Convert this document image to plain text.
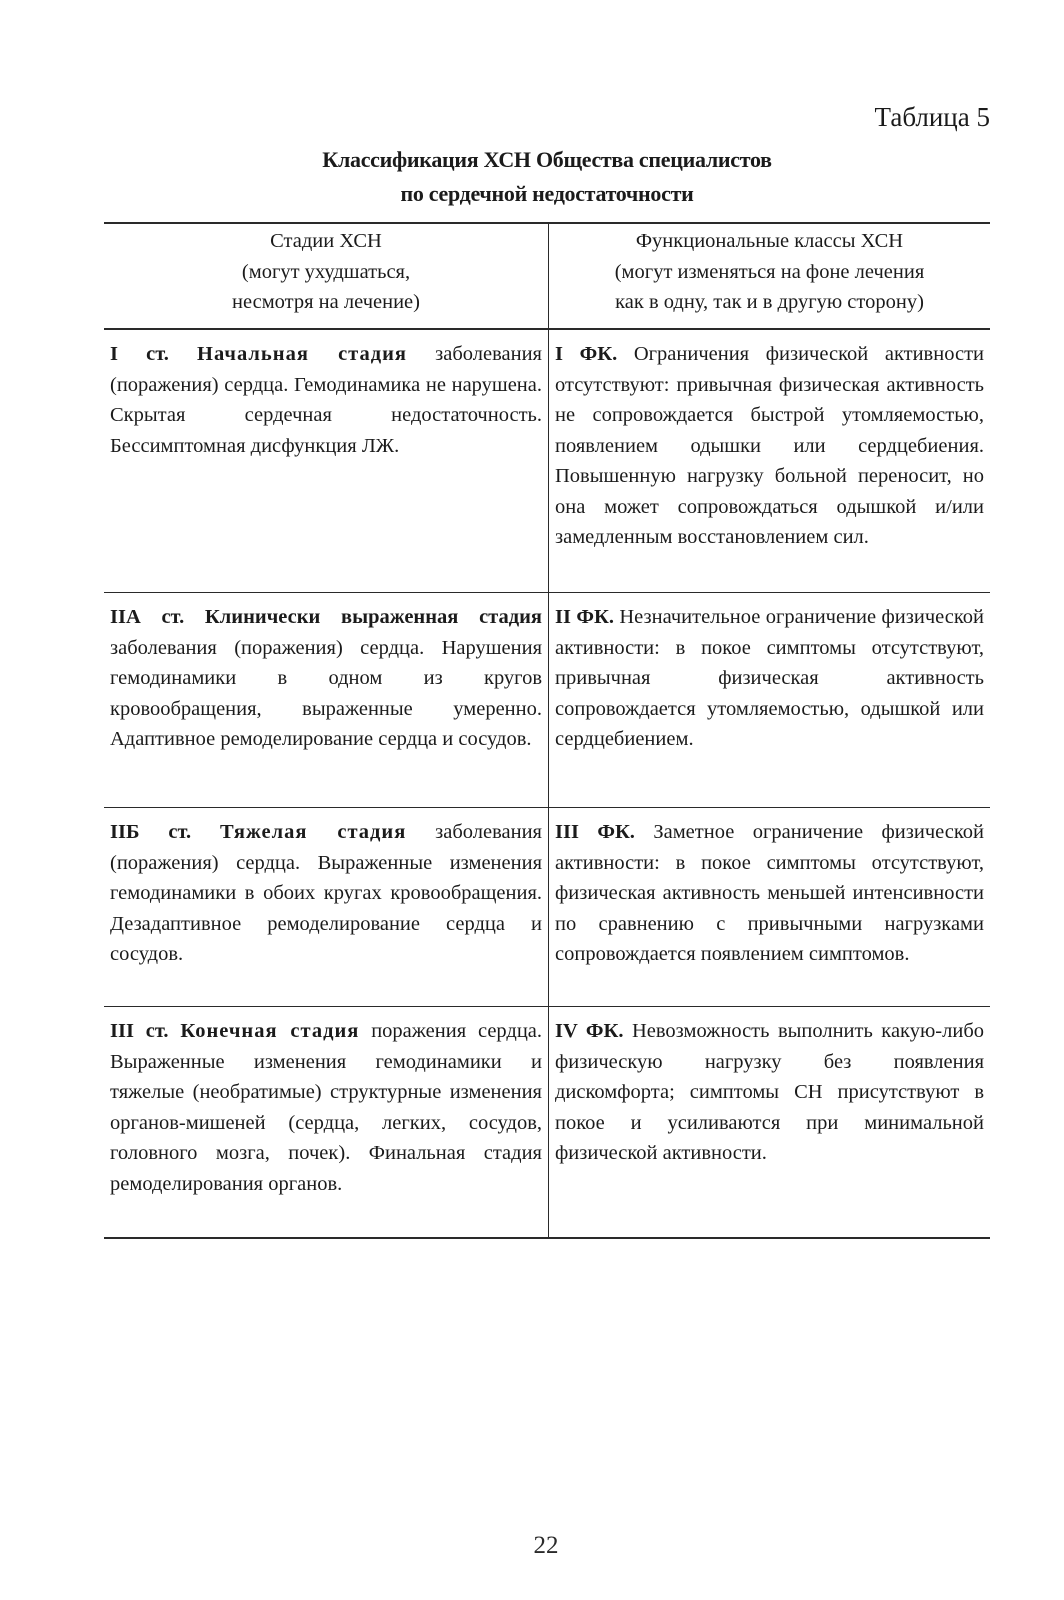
Таблица 5
Классификация ХСН Общества специалистов
по сердечной недостаточности
Стадии ХСН
(могут ухудшаться,
несмотря на лечение)
Функциональные классы ХСН
(могут изменяться на фоне лечения
как в одну, так и в другую сторону)
I ст. Начальная стадия заболевания (поражения) сердца. Гемодинамика не нарушена. Скрытая сердечная недостаточность. Бессимптомная дисфункция ЛЖ.
I ФК. Ограничения физической активности отсутствуют: привычная физическая активность не сопровождается быстрой утомляемостью, появлением одышки или сердцебиения. Повышенную нагрузку больной переносит, но она может сопровождаться одышкой и/или замедленным восстановлением сил.
IIА ст. Клинически выраженная стадия заболевания (поражения) сердца. Нарушения гемодинамики в одном из кругов кровообращения, выраженные умеренно. Адаптивное ремоделирование сердца и сосудов.
II ФК. Незначительное ограничение физической активности: в покое симптомы отсутствуют, привычная физическая активность сопровождается утомляемостью, одышкой или сердцебиением.
IIБ ст. Тяжелая стадия заболевания (поражения) сердца. Выраженные изменения гемодинамики в обоих кругах кровообращения. Дезадаптивное ремоделирование сердца и сосудов.
III ФК. Заметное ограничение физической активности: в покое симптомы отсутствуют, физическая активность меньшей интенсивности по сравнению с привычными нагрузками сопровождается появлением симптомов.
III ст. Конечная стадия поражения сердца. Выраженные изменения гемодинамики и тяжелые (необратимые) структурные изменения органов-мишеней (сердца, легких, сосудов, головного мозга, почек). Финальная стадия ремоделирования органов.
IV ФК. Невозможность выполнить какую-либо физическую нагрузку без появления дискомфорта; симптомы СН присутствуют в покое и усиливаются при минимальной физической активности.
22
